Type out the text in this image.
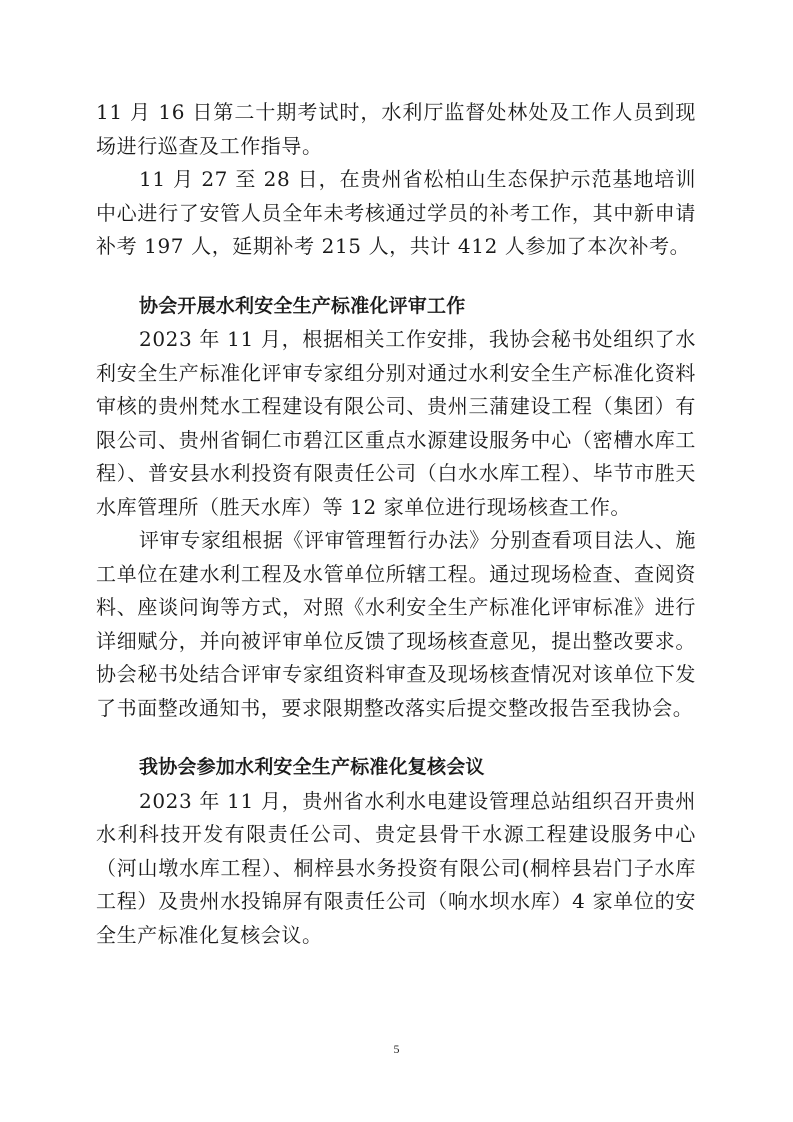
11 月 16 日第二十期考试时，水利厅监督处林处及工作人员到现场进行巡查及工作指导。

11 月 27 至 28 日，在贵州省松柏山生态保护示范基地培训中心进行了安管人员全年未考核通过学员的补考工作，其中新申请补考 197 人，延期补考 215 人，共计 412 人参加了本次补考。

协会开展水利安全生产标准化评审工作

2023 年 11 月，根据相关工作安排，我协会秘书处组织了水利安全生产标准化评审专家组分别对通过水利安全生产标准化资料审核的贵州梵水工程建设有限公司、贵州三蒲建设工程（集团）有限公司、贵州省铜仁市碧江区重点水源建设服务中心（密槽水库工程）、普安县水利投资有限责任公司（白水水库工程）、毕节市胜天水库管理所（胜天水库）等 12 家单位进行现场核查工作。

评审专家组根据《评审管理暂行办法》分别查看项目法人、施工单位在建水利工程及水管单位所辖工程。通过现场检查、查阅资料、座谈问询等方式，对照《水利安全生产标准化评审标准》进行详细赋分，并向被评审单位反馈了现场核查意见，提出整改要求。协会秘书处结合评审专家组资料审查及现场核查情况对该单位下发了书面整改通知书，要求限期整改落实后提交整改报告至我协会。

我协会参加水利安全生产标准化复核会议

2023 年 11 月，贵州省水利水电建设管理总站组织召开贵州水利科技开发有限责任公司、贵定县骨干水源工程建设服务中心（河山墩水库工程）、桐梓县水务投资有限公司(桐梓县岩门子水库工程）及贵州水投锦屏有限责任公司（响水坝水库）4 家单位的安全生产标准化复核会议。

5
